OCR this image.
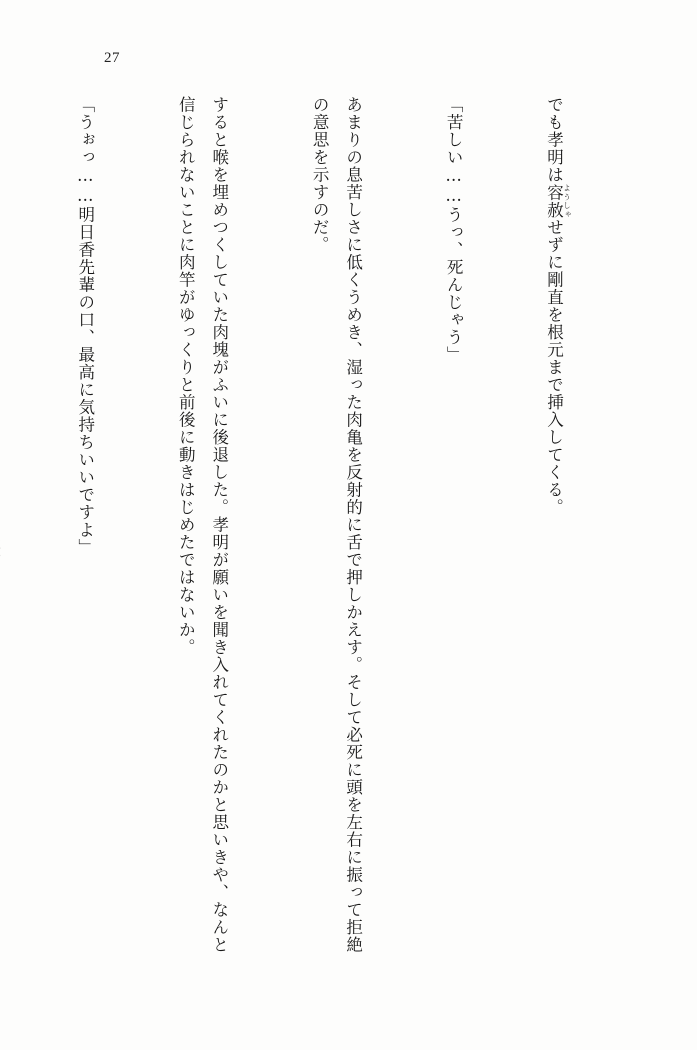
27

でも孝明は容赦 ようしゃせずに剛直を根元まで挿入してくる。

「苦しい……うっ、死んじゃう」

あまりの息苦しさに低くうめき、湿った肉亀を反射的に舌で押しかえす。そして必死に頭を左右に振って拒絶の意思を示すのだ。

すると喉を埋めつくしていた肉塊がふいに後退した。孝明が願いを聞き入れてくれたのかと思いきや、なんと信じられないことに肉竿がゆっくりと前後に動きはじめたではないか。

「うぉっ……明日香先輩の口、最高に気持ちいいですよ」
